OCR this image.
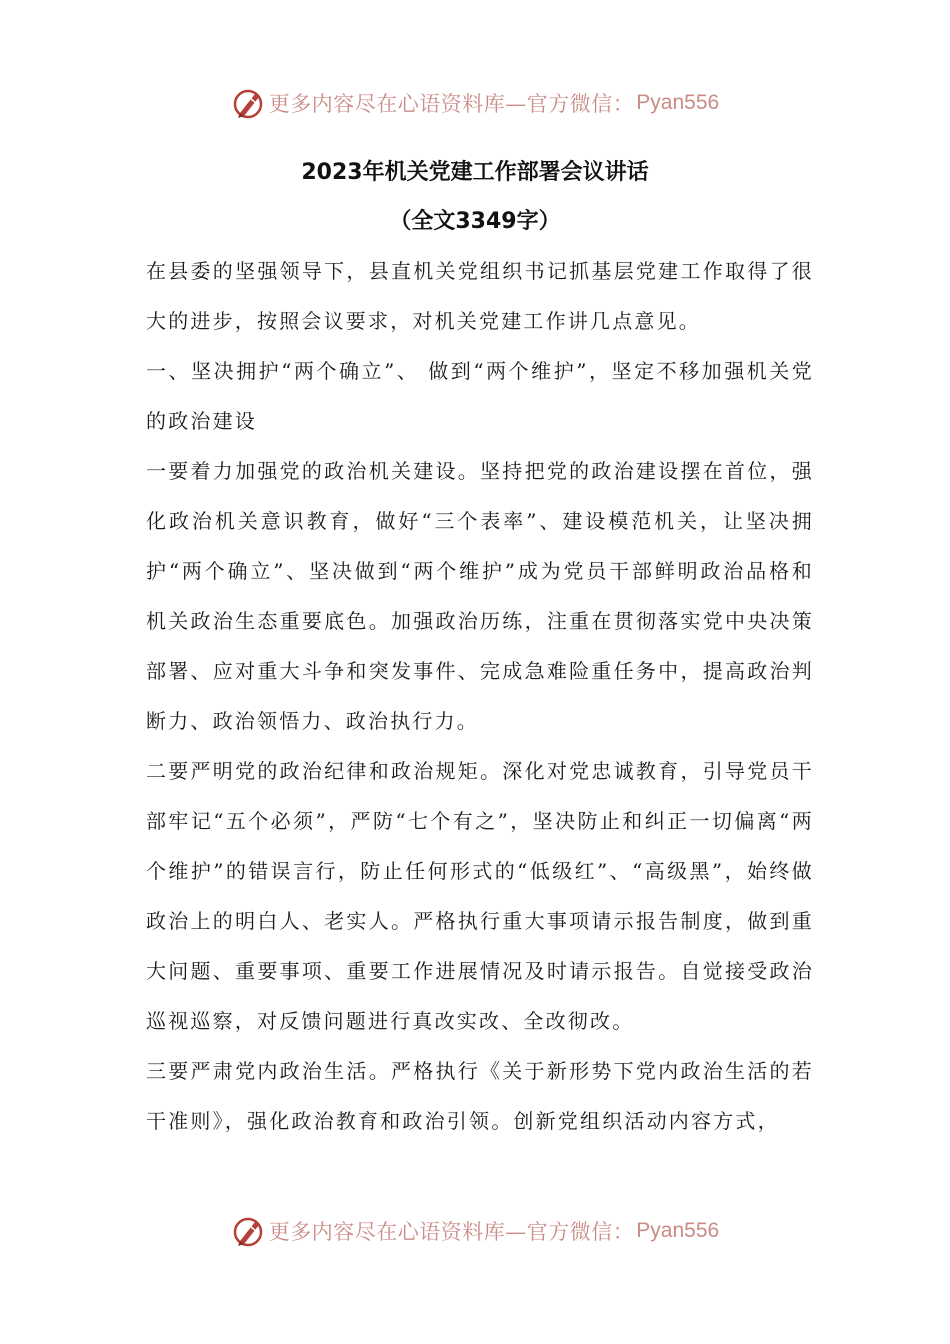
更多内容尽在心语资料库—官方微信： Pyan556
2023年机关党建工作部署会议讲话
（全文3349字）

在县委的坚强领导下，县直机关党组织书记抓基层党建工作取得了很大的进步，按照会议要求，对机关党建工作讲几点意见。

一、坚决拥护“两个确立”、 做到“两个维护”，坚定不移加强机关党的政治建设

一要着力加强党的政治机关建设。坚持把党的政治建设摆在首位，强化政治机关意识教育，做好“三个表率”、建设模范机关，让坚决拥护“两个确立”、坚决做到“两个维护”成为党员干部鲜明政治品格和机关政治生态重要底色。加强政治历练，注重在贯彻落实党中央决策部署、应对重大斗争和突发事件、完成急难险重任务中，提高政治判断力、政治领悟力、政治执行力。

二要严明党的政治纪律和政治规矩。深化对党忠诚教育，引导党员干部牢记“五个必须”，严防“七个有之”，坚决防止和纠正一切偏离“两个维护”的错误言行，防止任何形式的“低级红”、“高级黑”，始终做政治上的明白人、老实人。严格执行重大事项请示报告制度，做到重大问题、重要事项、重要工作进展情况及时请示报告。自觉接受政治巡视巡察，对反馈问题进行真改实改、全改彻改。

三要严肃党内政治生活。严格执行《关于新形势下党内政治生活的若干准则》，强化政治教育和政治引领。创新党组织活动内容方式，

更多内容尽在心语资料库—官方微信： Pyan556
